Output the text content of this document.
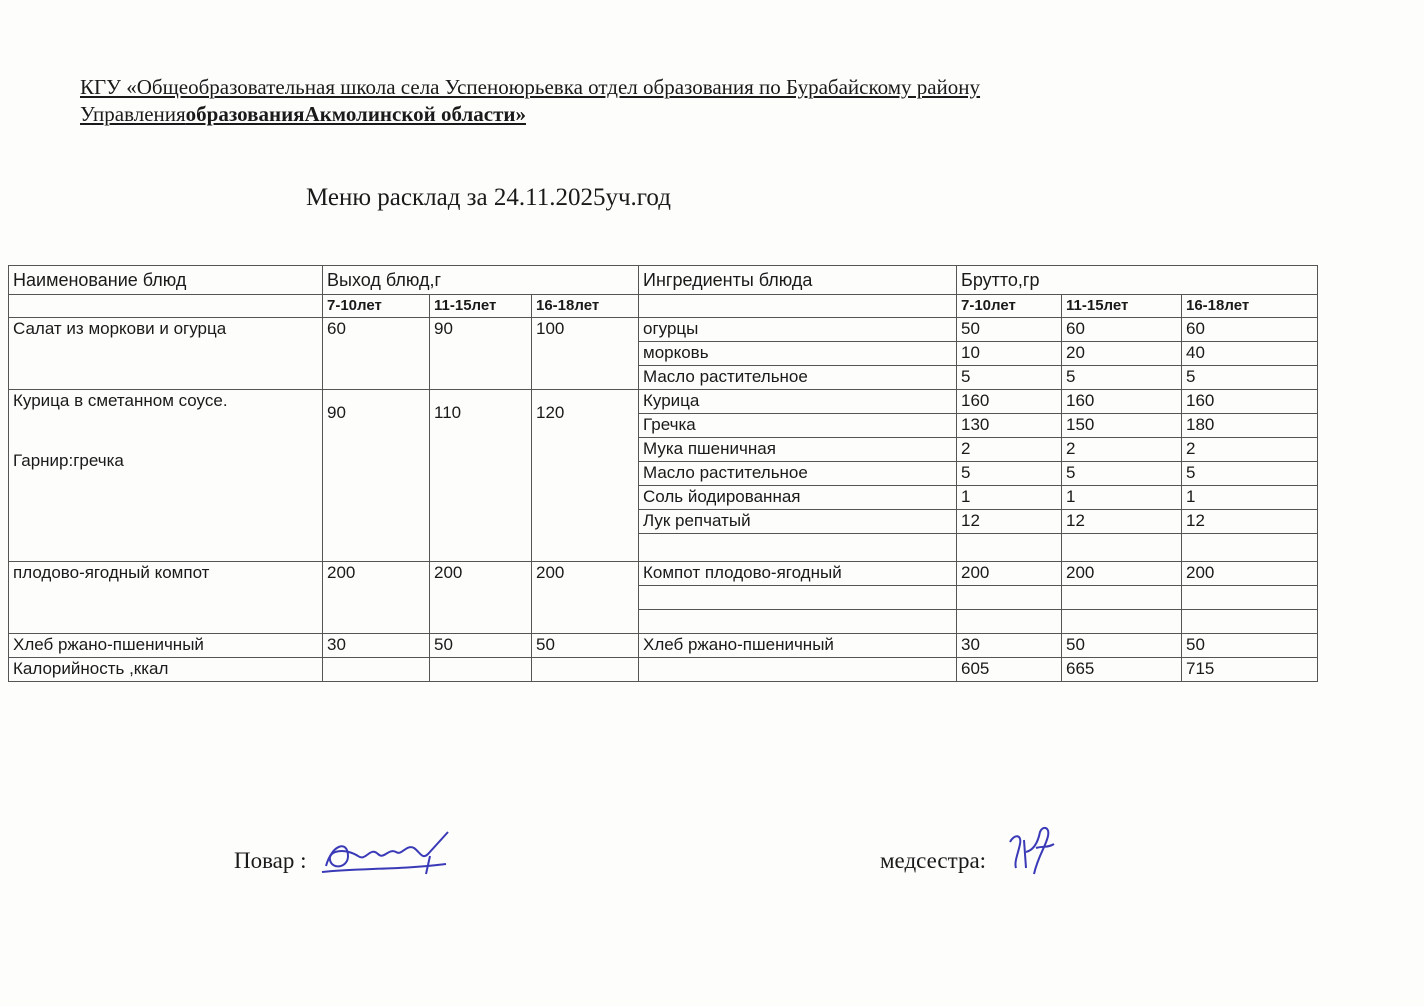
КГУ «Общеобразовательная школа села Успеноюрьевка отдел образования по Бурабайскому району
УправленияобразованияАкмолинской области»
Меню расклад за 24.11.2025уч.год
Наименование блюд	Выход блюд,г			Ингредиенты блюда	Брутто,гр		
	7-10лет	11-15лет	16-18лет		7-10лет	11-15лет	16-18лет
Салат из моркови и огурца	60	90	100	огурцы	50	60	60
				морковь	10	20	40
				Масло растительное	5	5	5
Курица в сметанном соусе.
Гарнир:гречка	90	110	120	Курица	160	160	160
				Гречка	130	150	180
				Мука пшеничная	2	2	2
				Масло растительное	5	5	5
				Соль йодированная	1	1	1
				Лук репчатый	12	12	12

плодово-ягодный компот	200	200	200	Компот плодово-ягодный	200	200	200

Хлеб ржано-пшеничный	30	50	50	Хлеб ржано-пшеничный	30	50	50
Калорийность ,ккал					605	665	715
Повар :	медсестра:
